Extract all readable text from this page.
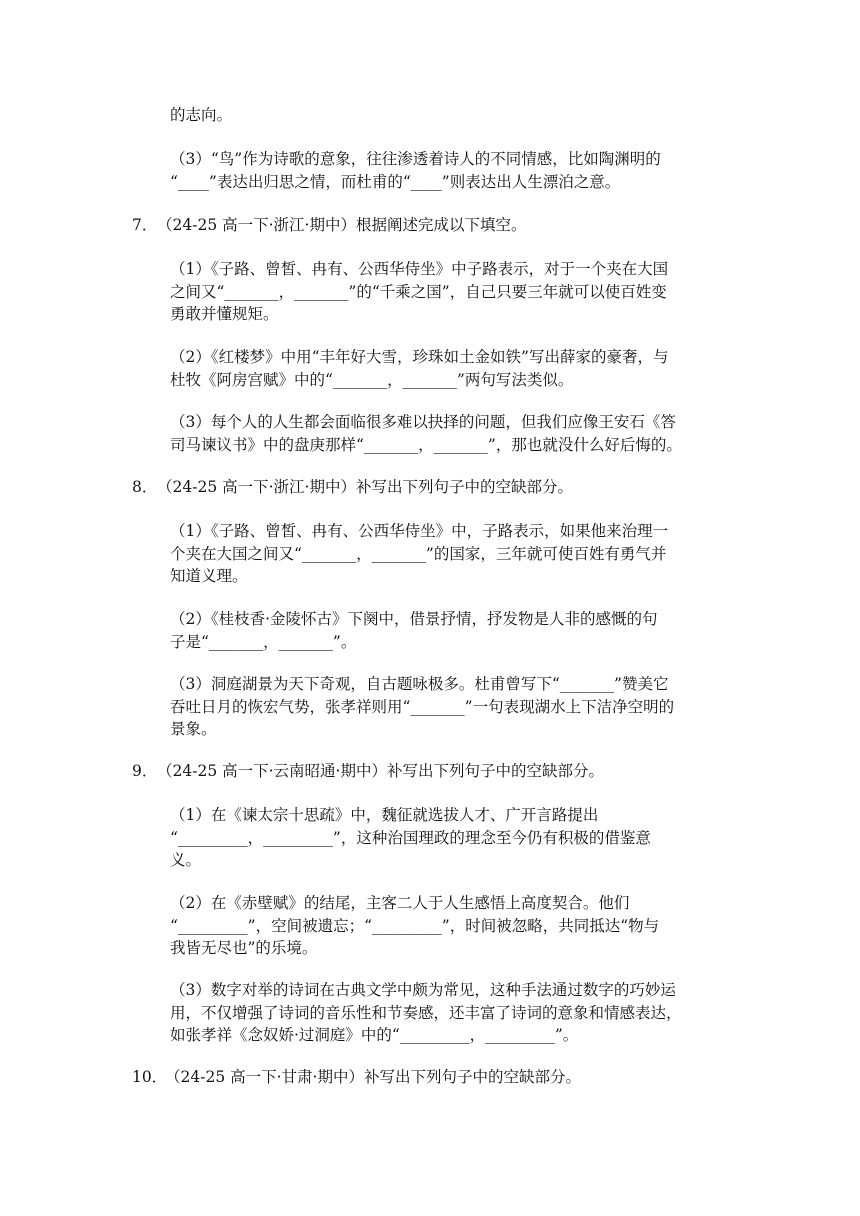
的志向。

（3）“鸟”作为诗歌的意象，往往渗透着诗人的不同情感，比如陶渊明的

“____”表达出归思之情，而杜甫的“____”则表达出人生漂泊之意。

7． （24-25 高一下·浙江·期中）根据阐述完成以下填空。

（1）《子路、曾皙、冉有、公西华侍坐》中子路表示，对于一个夹在大国

之间又“_______，_______”的“千乘之国”，自己只要三年就可以使百姓变

勇敢并懂规矩。

（2）《红楼梦》中用“丰年好大雪，珍珠如土金如铁”写出薛家的豪奢，与

杜牧《阿房宫赋》中的“_______，_______”两句写法类似。

（3）每个人的人生都会面临很多难以抉择的问题，但我们应像王安石《答

司马谏议书》中的盘庚那样“_______，_______”，那也就没什么好后悔的。

8． （24-25 高一下·浙江·期中）补写出下列句子中的空缺部分。

（1）《子路、曾皙、冉有、公西华侍坐》中，子路表示，如果他来治理一

个夹在大国之间又“_______，_______”的国家，三年就可使百姓有勇气并

知道义理。

（2）《桂枝香·金陵怀古》下阕中，借景抒情，抒发物是人非的感慨的句

子是“_______，_______”。

（3）洞庭湖景为天下奇观，自古题咏极多。杜甫曾写下“_______”赞美它

吞吐日月的恢宏气势，张孝祥则用“_______”一句表现湖水上下洁净空明的

景象。

9． （24-25 高一下·云南昭通·期中）补写出下列句子中的空缺部分。

（1）在《谏太宗十思疏》中，魏征就选拔人才、广开言路提出

“_________，_________”，这种治国理政的理念至今仍有积极的借鉴意

义。

（2）在《赤壁赋》的结尾，主客二人于人生感悟上高度契合。他们

“_________”，空间被遗忘；“_________”，时间被忽略，共同抵达“物与

我皆无尽也”的乐境。

（3）数字对举的诗词在古典文学中颇为常见，这种手法通过数字的巧妙运

用，不仅增强了诗词的音乐性和节奏感，还丰富了诗词的意象和情感表达，

如张孝祥《念奴娇·过洞庭》中的“_________，_________”。

10．
（24-25 高一下·甘肃·期中）补写出下列句子中的空缺部分。
